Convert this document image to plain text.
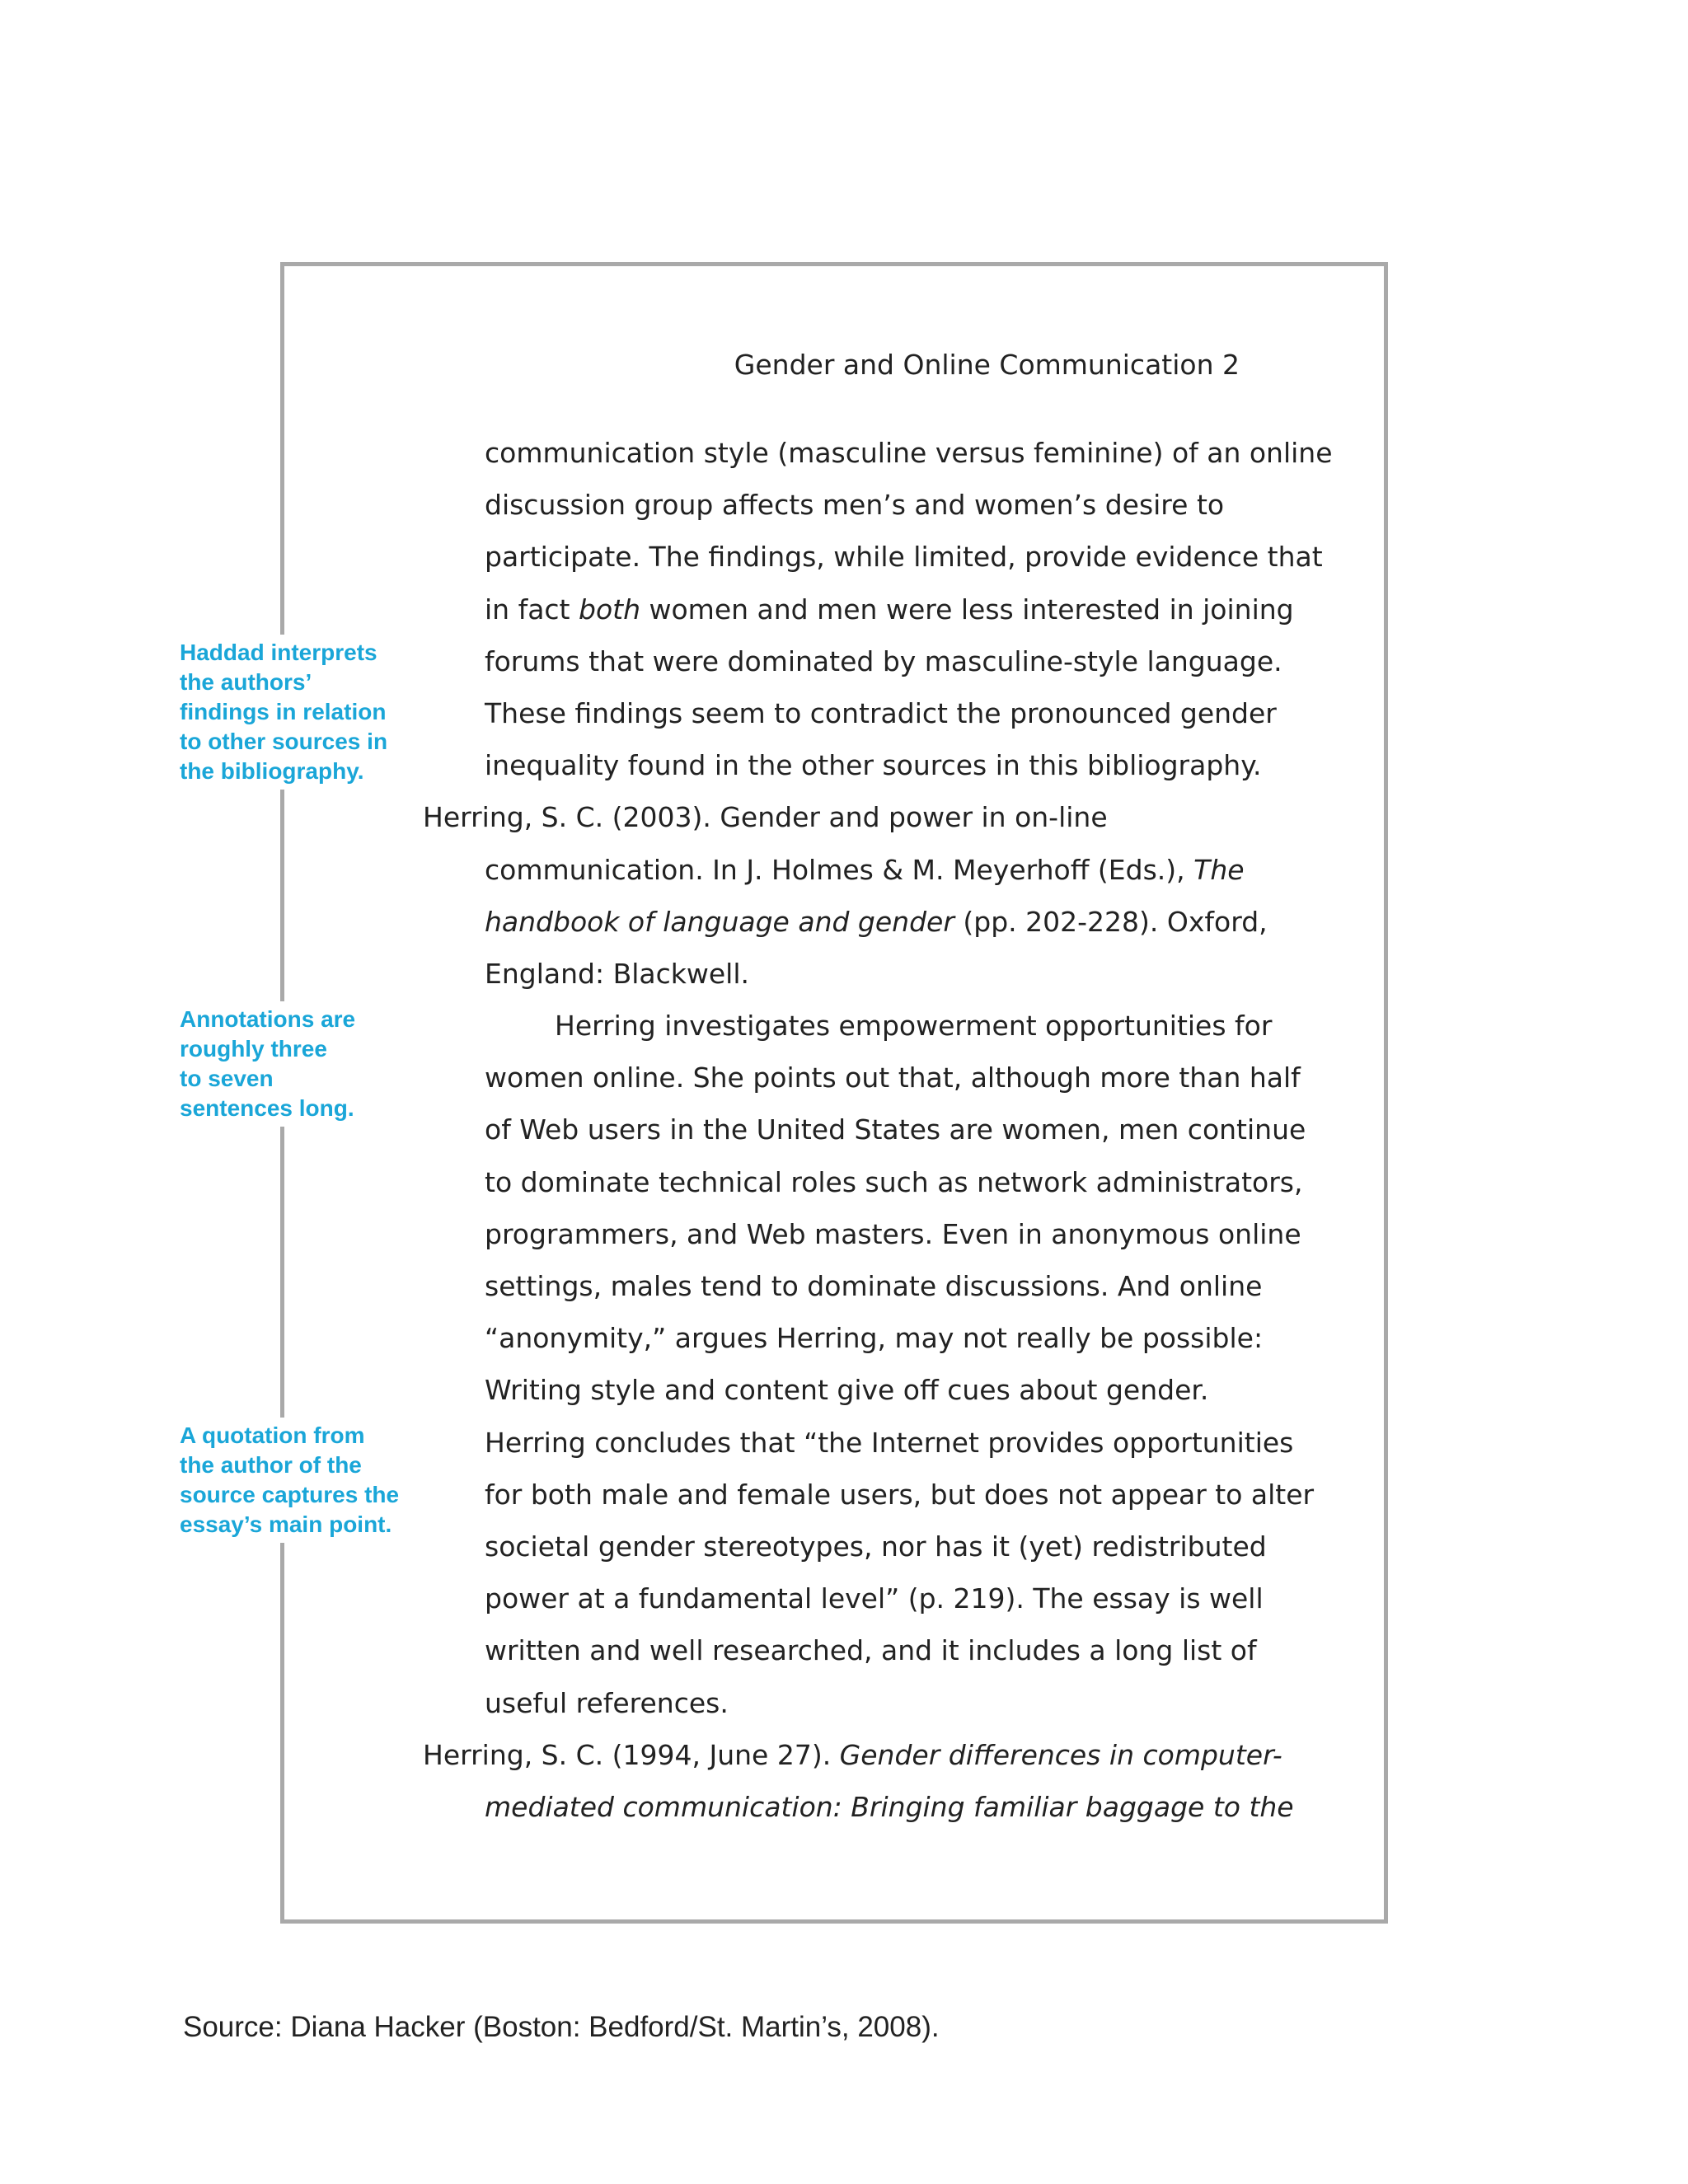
Gender and Online Communication 2
communication style (masculine versus feminine) of an online
discussion group affects men’s and women’s desire to
participate. The findings, while limited, provide evidence that
in fact both women and men were less interested in joining
forums that were dominated by masculine-style language.
These findings seem to contradict the pronounced gender
inequality found in the other sources in this bibliography.
Herring, S. C. (2003). Gender and power in on-line
communication. In J. Holmes & M. Meyerhoff (Eds.), The
handbook of language and gender (pp. 202-228). Oxford,
England: Blackwell.
Herring investigates empowerment opportunities for
women online. She points out that, although more than half
of Web users in the United States are women, men continue
to dominate technical roles such as network administrators,
programmers, and Web masters. Even in anonymous online
settings, males tend to dominate discussions. And online
“anonymity,” argues Herring, may not really be possible:
Writing style and content give off cues about gender.
Herring concludes that “the Internet provides opportunities
for both male and female users, but does not appear to alter
societal gender stereotypes, nor has it (yet) redistributed
power at a fundamental level” (p. 219). The essay is well
written and well researched, and it includes a long list of
useful references.
Herring, S. C. (1994, June 27). Gender differences in computer-
mediated communication: Bringing familiar baggage to the
Haddad interprets
the authors’
findings in relation
to other sources in
the bibliography.
Annotations are
roughly three
to seven
sentences long.
A quotation from
the author of the
source captures the
essay’s main point.
Source: Diana Hacker (Boston: Bedford/St. Martin’s, 2008).
